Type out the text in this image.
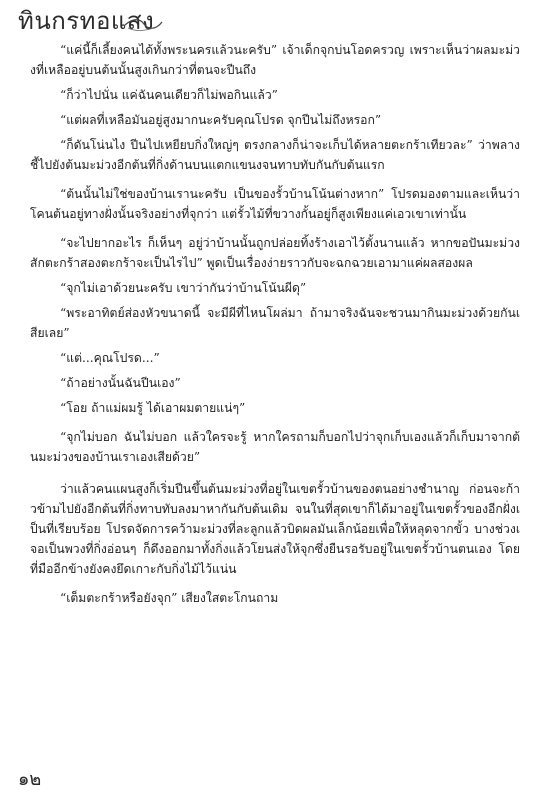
ทินกรทอแสง

“แค่นี้ก็เลี้ยงคนได้ทั้งพระนครแล้วนะครับ” เจ้าเด็กจุกบ่นโอดครวญ เพราะเห็นว่าผลมะม่วงที่เหลืออยู่บนต้นนั้นสูงเกินกว่าที่ตนจะปีนถึง

“ก็ว่าไปนั่น แค่ฉันคนเดียวก็ไม่พอกินแล้ว”

“แต่ผลที่เหลือมันอยู่สูงมากนะครับคุณโปรด จุกปีนไม่ถึงหรอก”

“ก็ดันโน่นไง ปีนไปเหยียบกิ่งใหญ่ๆ ตรงกลางก็น่าจะเก็บได้หลายตะกร้าเทียวละ” ว่าพลางชี้ไปยังต้นมะม่วงอีกต้นที่กิ่งด้านบนแตกแขนงจนทาบทับกันกับต้นแรก

“ต้นนั้นไม่ใช่ของบ้านเรานะครับ เป็นของรั้วบ้านโน้นต่างหาก” โปรดมองตามและเห็นว่าโคนต้นอยู่ทางฝั่งนั้นจริงอย่างที่จุกว่า แต่รั้วไม้ที่ขวางกั้นอยู่ก็สูงเพียงแค่เอวเขาเท่านั้น

“จะไปยากอะไร ก็เห็นๆ อยู่ว่าบ้านนั้นถูกปล่อยทิ้งร้างเอาไว้ตั้งนานแล้ว หากขอปันมะม่วงสักตะกร้าสองตะกร้าจะเป็นไรไป” พูดเป็นเรื่องง่ายราวกับจะฉกฉวยเอามาแค่ผลสองผล

“จุกไม่เอาด้วยนะครับ เขาว่ากันว่าบ้านโน้นผีดุ”

“พระอาทิตย์ส่องหัวขนาดนี้ จะมีผีที่ไหนโผล่มา ถ้ามาจริงฉันจะชวนมากินมะม่วงด้วยกันเสียเลย”

“แต่...คุณโปรด...”

“ถ้าอย่างนั้นฉันปีนเอง”

“โอย ถ้าแม่ผมรู้ ได้เอาผมตายแน่ๆ”

“จุกไม่บอก ฉันไม่บอก แล้วใครจะรู้ หากใครถามก็บอกไปว่าจุกเก็บเองแล้วก็เก็บมาจากต้นมะม่วงของบ้านเราเองเสียด้วย”

ว่าแล้วคนแผนสูงก็เริ่มปีนขึ้นต้นมะม่วงที่อยู่ในเขตรั้วบ้านของตนอย่างชำนาญ ก่อนจะก้าวข้ามไปยังอีกต้นที่กิ่งทาบทับลงมาหากันกับต้นเดิม จนในที่สุดเขาก็ได้มาอยู่ในเขตรั้วของอีกฝั่งเป็นที่เรียบร้อย โปรดจัดการคว้ามะม่วงที่ละลูกแล้วบิดผลมันเล็กน้อยเพื่อให้หลุดจากขั้ว บางช่วงเจอเป็นพวงที่กิ่งอ่อนๆ ก็ดึงออกมาทั้งกิ่งแล้วโยนส่งให้จุกซึ่งยืนรอรับอยู่ในเขตรั้วบ้านตนเอง โดยที่มืออีกข้างยังคงยึดเกาะกับกิ่งไม้ไว้แน่น

“เต็มตะกร้าหรือยังจุก” เสียงใสตะโกนถาม

๑๒
